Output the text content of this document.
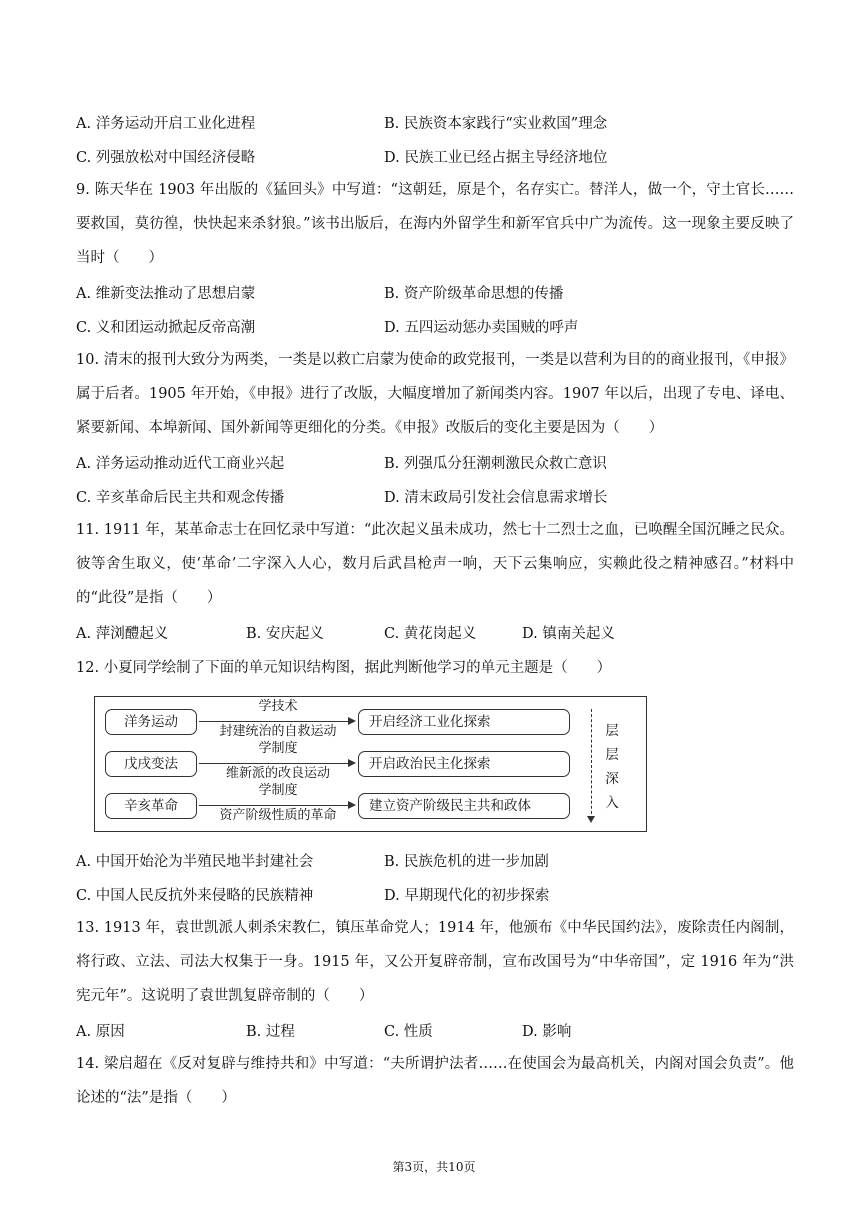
A. 洋务运动开启工业化进程	B. 民族资本家践行“实业救国”理念
C. 列强放松对中国经济侵略	D. 民族工业已经占据主导经济地位
9. 陈天华在 1903 年出版的《猛回头》中写道：“这朝廷，原是个，名存实亡。替洋人，做一个，守土官长……要救国，莫彷徨，快快起来杀豺狼。”该书出版后，在海内外留学生和新军官兵中广为流传。这一现象主要反映了当时（　　）
A. 维新变法推动了思想启蒙	B. 资产阶级革命思想的传播
C. 义和团运动掀起反帝高潮	D. 五四运动惩办卖国贼的呼声
10. 清末的报刊大致分为两类，一类是以救亡启蒙为使命的政党报刊，一类是以营利为目的的商业报刊，《申报》属于后者。1905 年开始，《申报》进行了改版，大幅度增加了新闻类内容。1907 年以后，出现了专电、译电、紧要新闻、本埠新闻、国外新闻等更细化的分类。《申报》改版后的变化主要是因为（　　）
A. 洋务运动推动近代工商业兴起	B. 列强瓜分狂潮刺激民众救亡意识
C. 辛亥革命后民主共和观念传播	D. 清末政局引发社会信息需求增长
11. 1911 年，某革命志士在回忆录中写道：“此次起义虽未成功，然七十二烈士之血，已唤醒全国沉睡之民众。彼等舍生取义，使‘革命’二字深入人心，数月后武昌枪声一响，天下云集响应，实赖此役之精神感召。”材料中的“此役”是指（　　）
A. 萍浏醴起义	B. 安庆起义	C. 黄花岗起义	D. 镇南关起义
12. 小夏同学绘制了下面的单元知识结构图，据此判断他学习的单元主题是（　　）
洋务运动
学技术
封建统治的自救运动
开启经济工业化探索
戊戌变法
学制度
维新派的改良运动
开启政治民主化探索
辛亥革命
学制度
资产阶级性质的革命
建立资产阶级民主共和政体
层
层
深
入
A. 中国开始沦为半殖民地半封建社会	B. 民族危机的进一步加剧
C. 中国人民反抗外来侵略的民族精神	D. 早期现代化的初步探索
13. 1913 年，袁世凯派人刺杀宋教仁，镇压革命党人；1914 年，他颁布《中华民国约法》，废除责任内阁制，将行政、立法、司法大权集于一身。1915 年，又公开复辟帝制，宣布改国号为“中华帝国”，定 1916 年为“洪宪元年”。这说明了袁世凯复辟帝制的（　　）
A. 原因	B. 过程	C. 性质	D. 影响
14. 梁启超在《反对复辟与维持共和》中写道：“夫所谓护法者……在使国会为最高机关，内阁对国会负责”。他论述的“法”是指（　　）
第3页，共10页
